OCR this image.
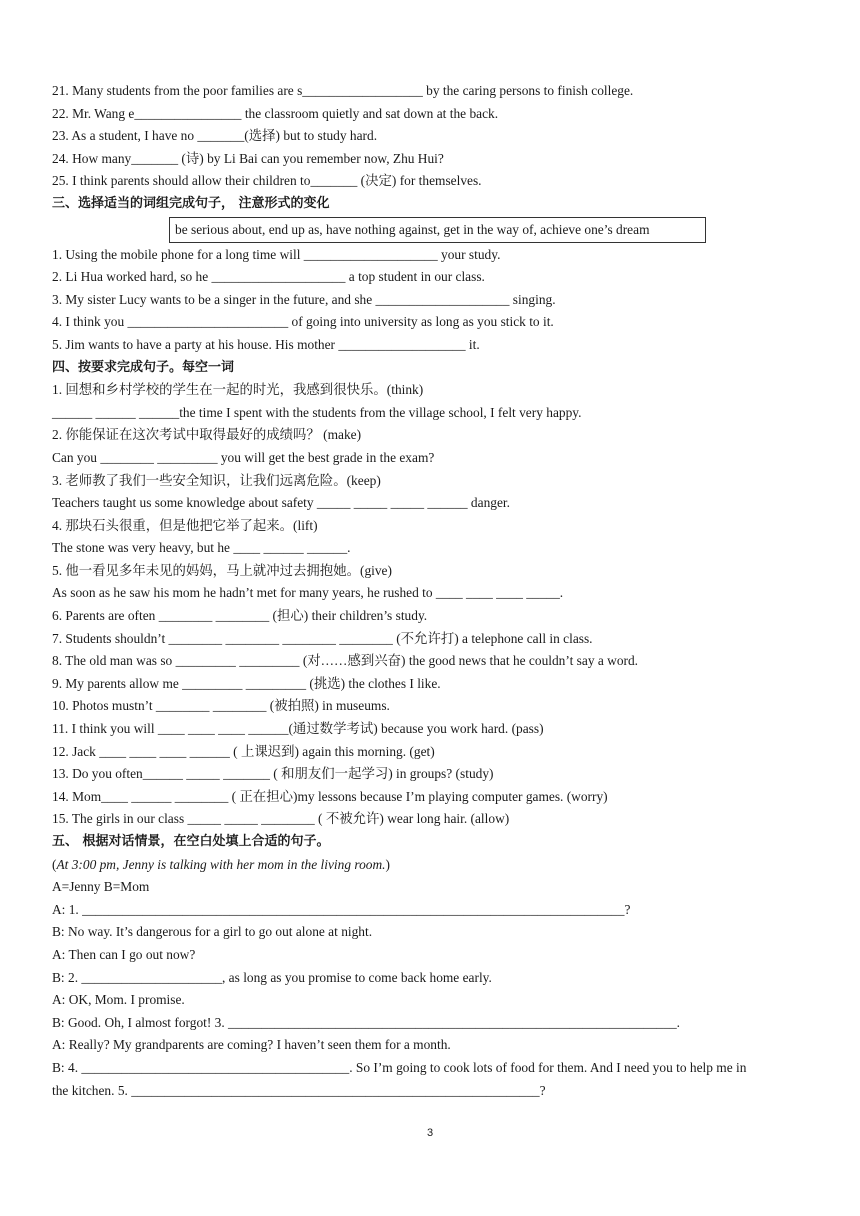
21. Many students from the poor families are s__________________ by the caring persons to finish college.
22. Mr. Wang e________________ the classroom quietly and sat down at the back.
23. As a student, I have no _______(选择) but to study hard.
24. How many_______ (诗) by Li Bai can you remember now, Zhu Hui?
25. I think parents should allow their children to_______ (决定) for themselves.
三、选择适当的词组完成句子， 注意形式的变化
be serious about, end up as, have nothing against, get in the way of, achieve one’s dream
1. Using the mobile phone for a long time will ____________________ your study.
2. Li Hua worked hard, so he ____________________ a top student in our class.
3. My sister Lucy wants to be a singer in the future, and she ____________________ singing.
4. I think you ________________________ of going into university as long as you stick to it.
5. Jim wants to have a party at his house. His mother ___________________ it.
四、按要求完成句子。每空一词
1. 回想和乡村学校的学生在一起的时光，我感到很快乐。(think)
______ ______ ______the time I spent with the students from the village school, I felt very happy.
2. 你能保证在这次考试中取得最好的成绩吗？ (make)
Can you ________ _________ you will get the best grade in the exam?
3. 老师教了我们一些安全知识，让我们远离危险。(keep)
Teachers taught us some knowledge about safety _____ _____ _____ ______ danger.
4. 那块石头很重，但是他把它举了起来。(lift)
The stone was very heavy, but he ____ ______ ______.
5. 他一看见多年未见的妈妈，马上就冲过去拥抱她。(give)
As soon as he saw his mom he hadn’t met for many years, he rushed to ____ ____ ____ _____.
6. Parents are often ________ ________ (担心) their children’s study.
7. Students shouldn’t ________ ________ ________ ________ (不允许打) a telephone call in class.
8. The old man was so _________ _________ (对……感到兴奋) the good news that he couldn’t say a word.
9. My parents allow me _________ _________ (挑选) the clothes I like.
10. Photos mustn’t ________ ________ (被拍照) in museums.
11. I think you will ____ ____ ____ ______(通过数学考试) because you work hard. (pass)
12. Jack ____ ____ ____ ______ ( 上课迟到) again this morning. (get)
13. Do you often______ _____ _______ ( 和朋友们一起学习) in groups? (study)
14. Mom____ ______ ________ ( 正在担心)my lessons because I’m playing computer games. (worry)
15. The girls in our class _____ _____ ________ ( 不被允许) wear long hair. (allow)
五、 根据对话情景，在空白处填上合适的句子。
(At 3:00 pm, Jenny is talking with her mom in the living room.)
A=Jenny B=Mom
A: 1. _________________________________________________________________________________?
B: No way. It’s dangerous for a girl to go out alone at night.
A: Then can I go out now?
B: 2. _____________________, as long as you promise to come back home early.
A: OK, Mom. I promise.
B: Good. Oh, I almost forgot! 3. ___________________________________________________________________.
A: Really? My grandparents are coming? I haven’t seen them for a month.
B: 4. ________________________________________. So I’m going to cook lots of food for them. And I need you to help me in
the kitchen. 5. _____________________________________________________________?
3
